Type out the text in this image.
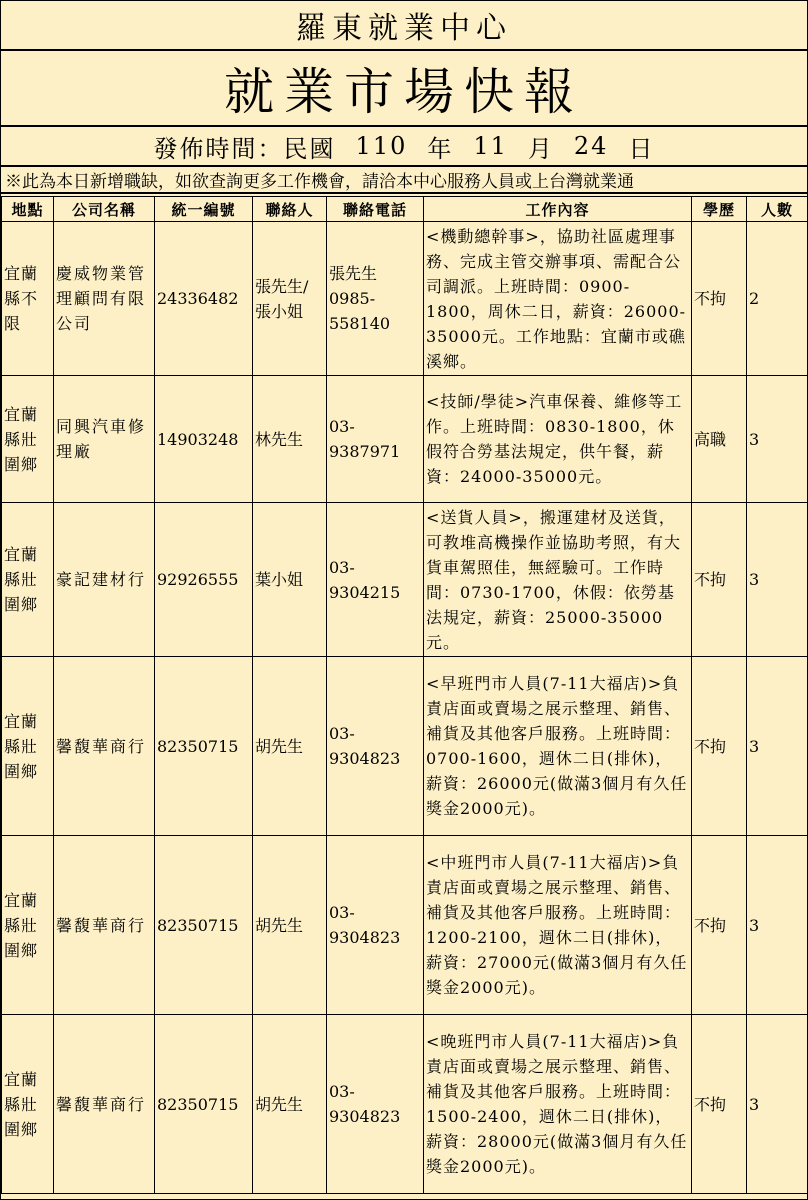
羅東就業中心
就業市場快報
發佈時間：民國 110 年 11 月 24 日
※此為本日新增職缺，如欲查詢更多工作機會，請洽本中心服務人員或上台灣就業通
地點	公司名稱	統一編號	聯絡人	聯絡電話	工作內容	學歷	人數
宜蘭縣不限	慶威物業管理顧問有限公司	24336482	張先生/張小姐	張先生0985-558140	<機動總幹事>，協助社區處理事務、完成主管交辦事項、需配合公司調派。上班時間：0900-1800，周休二日，薪資：26000-35000元。工作地點：宜蘭市或礁溪鄉。	不拘	2
宜蘭縣壯圍鄉	同興汽車修理廠	14903248	林先生	03-9387971	<技師/學徒>汽車保養、維修等工作。上班時間：0830-1800，休假符合勞基法規定，供午餐，薪資：24000-35000元。	高職	3
宜蘭縣壯圍鄉	豪記建材行	92926555	葉小姐	03-9304215	<送貨人員>，搬運建材及送貨，可教堆高機操作並協助考照，有大貨車駕照佳，無經驗可。工作時間：0730-1700，休假：依勞基法規定，薪資：25000-35000元。	不拘	3
宜蘭縣壯圍鄉	馨馥華商行	82350715	胡先生	03-9304823	<早班門市人員(7-11大福店)>負責店面或賣場之展示整理、銷售、補貨及其他客戶服務。上班時間：0700-1600，週休二日(排休)，薪資：26000元(做滿3個月有久任獎金2000元)。	不拘	3
宜蘭縣壯圍鄉	馨馥華商行	82350715	胡先生	03-9304823	<中班門市人員(7-11大福店)>負責店面或賣場之展示整理、銷售、補貨及其他客戶服務。上班時間：1200-2100，週休二日(排休)，薪資：27000元(做滿3個月有久任獎金2000元)。	不拘	3
宜蘭縣壯圍鄉	馨馥華商行	82350715	胡先生	03-9304823	<晚班門市人員(7-11大福店)>負責店面或賣場之展示整理、銷售、補貨及其他客戶服務。上班時間：1500-2400，週休二日(排休)，薪資：28000元(做滿3個月有久任獎金2000元)。	不拘	3
